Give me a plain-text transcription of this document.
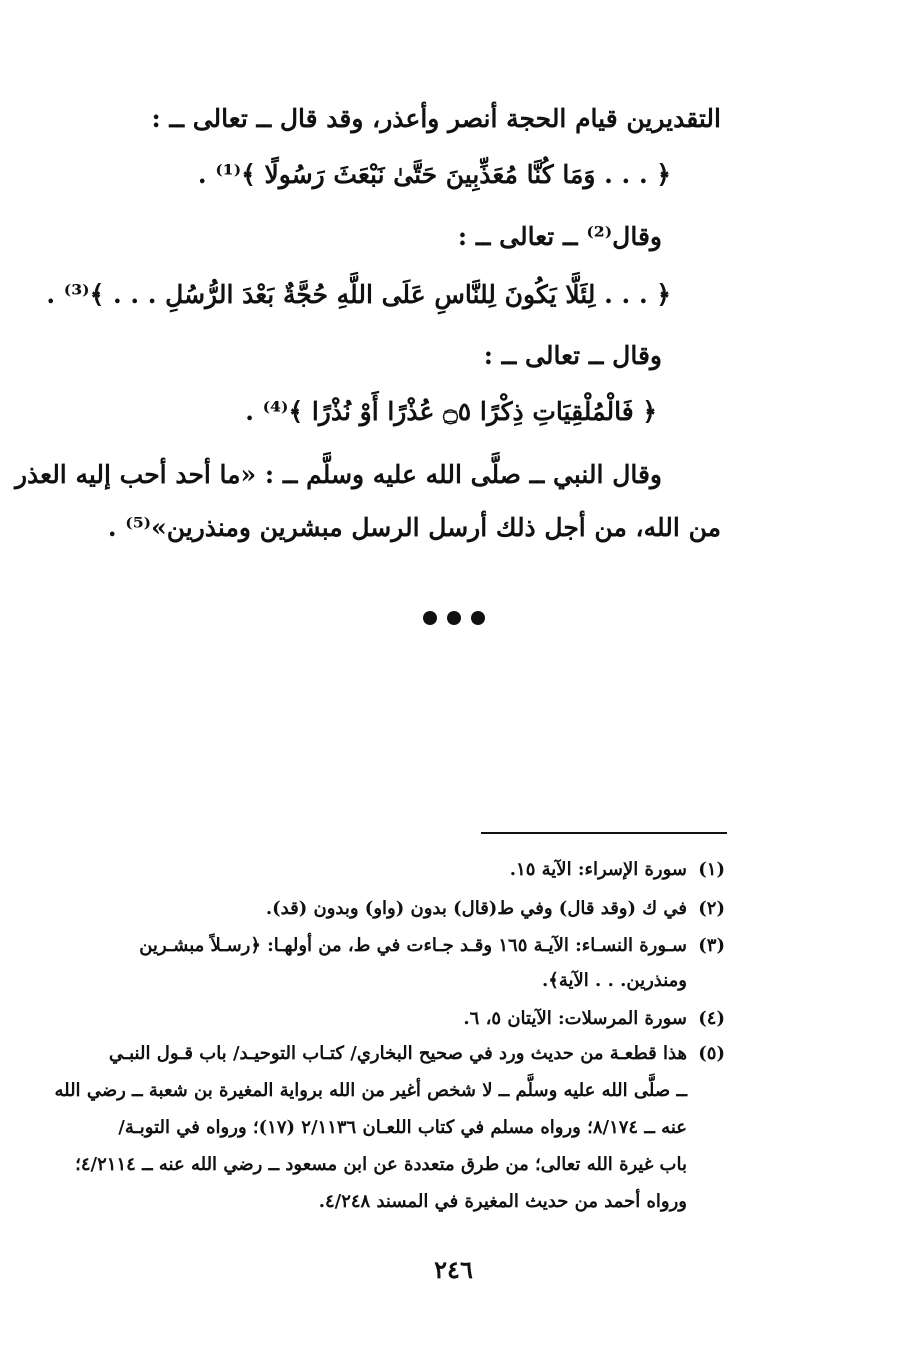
التقديرين قيام الحجة أنصر وأعذر، وقد قال ــ تعالى ــ :
﴿ . . . وَمَا كُنَّا مُعَذِّبِينَ حَتَّىٰ نَبْعَثَ رَسُولًا ﴾⁽¹⁾ .
وقال⁽²⁾ ــ تعالى ــ :
﴿ . . . لِئَلَّا يَكُونَ لِلنَّاسِ عَلَى اللَّهِ حُجَّةٌ بَعْدَ الرُّسُلِ . . . ﴾⁽³⁾ .
وقال ــ تعالى ــ :
﴿ فَالْمُلْقِيَاتِ ذِكْرًا ۝٥ عُذْرًا أَوْ نُذْرًا ﴾⁽⁴⁾ .
وقال النبي ــ صلَّى الله عليه وسلَّم ــ : «ما أحد أحب إليه العذر
من الله، من أجل ذلك أرسل الرسل مبشرين ومنذرين»⁽⁵⁾ .
(١)
سورة الإسراء: الآية ١٥.
(٢)
في ك (وقد قال) وفي ط(قال) بدون (واو) وبدون (قد).
(٣)
سـورة النسـاء: الآيـة ١٦٥ وقـد جـاءت في ط، من أولهـا: ﴿رسـلاً مبشـرين
ومنذرين. . . الآية﴾.
(٤)
سورة المرسلات: الآيتان ٥، ٦.
(٥)
هذا قطعـة من حديث ورد في صحيح البخاري/ كتـاب التوحيـد/ باب قـول النبـي
ــ صلَّى الله عليه وسلَّم ــ لا شخص أغير من الله برواية المغيرة بن شعبة ــ رضي الله
عنه ــ ٨/١٧٤؛ ورواه مسلم في كتاب اللعـان ٢/١١٣٦ (١٧)؛ ورواه في التوبـة/
باب غيرة الله تعالى؛ من طرق متعددة عن ابن مسعود ــ رضي الله عنه ــ ٤/٢١١٤؛
ورواه أحمد من حديث المغيرة في المسند ٤/٢٤٨.
٢٤٦
